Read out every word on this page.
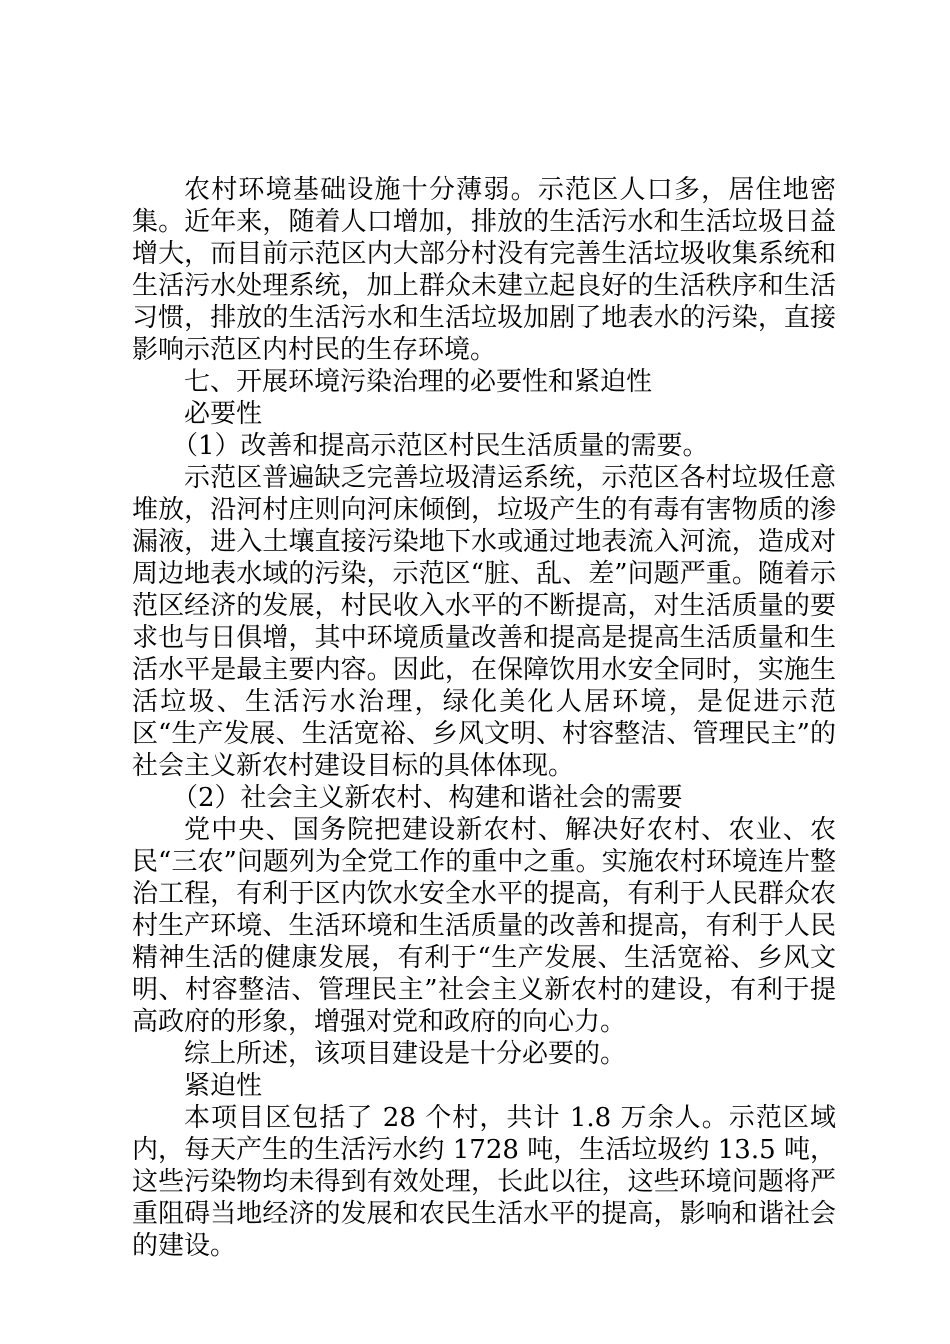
农村环境基础设施十分薄弱。示范区人口多，居住地密集。近年来，随着人口增加，排放的生活污水和生活垃圾日益增大，而目前示范区内大部分村没有完善生活垃圾收集系统和生活污水处理系统，加上群众未建立起良好的生活秩序和生活习惯，排放的生活污水和生活垃圾加剧了地表水的污染，直接影响示范区内村民的生存环境。

七、开展环境污染治理的必要性和紧迫性

必要性

（1）改善和提高示范区村民生活质量的需要。

示范区普遍缺乏完善垃圾清运系统，示范区各村垃圾任意堆放，沿河村庄则向河床倾倒，垃圾产生的有毒有害物质的渗漏液，进入土壤直接污染地下水或通过地表流入河流，造成对周边地表水域的污染，示范区“脏、乱、差”问题严重。随着示范区经济的发展，村民收入水平的不断提高，对生活质量的要求也与日俱增，其中环境质量改善和提高是提高生活质量和生活水平是最主要内容。因此，在保障饮用水安全同时，实施生活垃圾、生活污水治理，绿化美化人居环境，是促进示范区“生产发展、生活宽裕、乡风文明、村容整洁、管理民主”的社会主义新农村建设目标的具体体现。

（2）社会主义新农村、构建和谐社会的需要

党中央、国务院把建设新农村、解决好农村、农业、农民“三农”问题列为全党工作的重中之重。实施农村环境连片整治工程，有利于区内饮水安全水平的提高，有利于人民群众农村生产环境、生活环境和生活质量的改善和提高，有利于人民精神生活的健康发展，有利于“生产发展、生活宽裕、乡风文明、村容整洁、管理民主”社会主义新农村的建设，有利于提高政府的形象，增强对党和政府的向心力。

综上所述，该项目建设是十分必要的。

紧迫性

本项目区包括了 28 个村，共计 1.8 万余人。示范区域内，每天产生的生活污水约 1728 吨，生活垃圾约 13.5 吨，这些污染物均未得到有效处理，长此以往，这些环境问题将严重阻碍当地经济的发展和农民生活水平的提高，影响和谐社会的建设。
